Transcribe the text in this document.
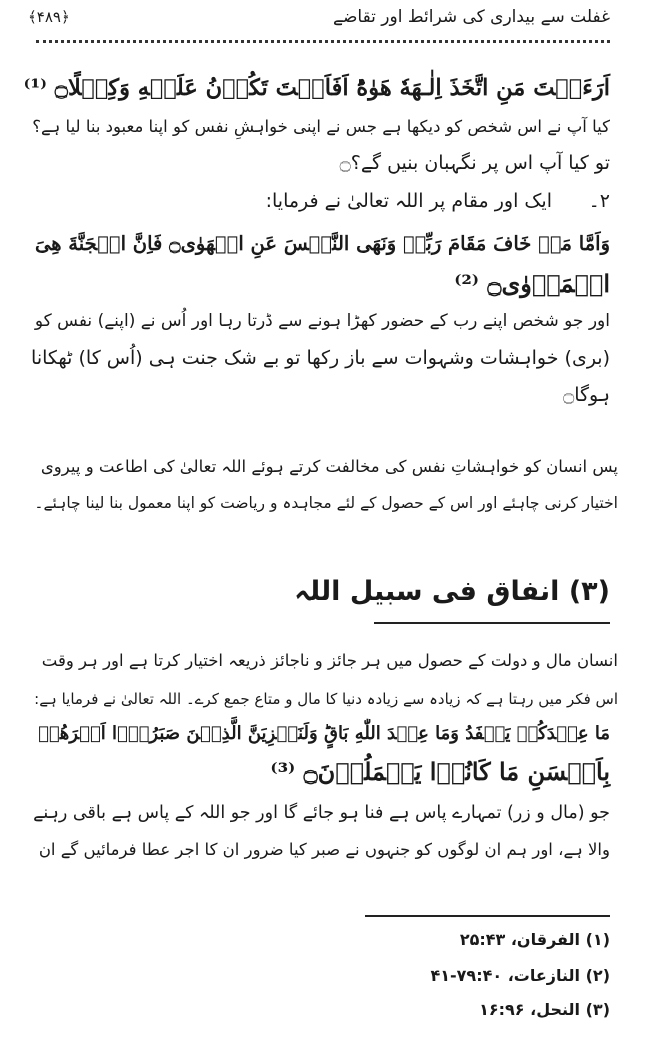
غفلت سے بیداری کی شرائط اور تقاضے
﴿۴۸۹﴾
اَرَءَیۡتَ مَنِ اتَّخَذَ اِلٰـهَهٗ هَوٰهُؕ اَفَاَنۡتَ تَكُوۡنُ عَلَيۡهِ وَكِيۡلًا۝ ⁽¹⁾
کیا آپ نے اس شخص کو دیکھا ہے جس نے اپنی خواہشِ نفس کو اپنا معبود بنا لیا ہے؟
تو کیا آپ اس پر نگہبان بنیں گے؟۝
۲۔ایک اور مقام پر اللہ تعالیٰ نے فرمایا:
وَاَمَّا مَنۡ خَافَ مَقَامَ رَبِّهٖ وَنَهَى النَّفۡسَ عَنِ الۡهَوٰى۝ فَاِنَّ الۡجَنَّةَ هِىَ
الۡمَاۡوٰى۝ ⁽²⁾
اور جو شخص اپنے رب کے حضور کھڑا ہونے سے ڈرتا رہا اور اُس نے (اپنے) نفس کو
(بری) خواہشات وشہوات سے باز رکھا تو بے شک جنت ہی (اُس کا) ٹھکانا
ہوگا۝
پس انسان کو خواہشاتِ نفس کی مخالفت کرتے ہوئے اللہ تعالیٰ کی اطاعت و پیروی
اختیار کرنی چاہئے اور اس کے حصول کے لئے مجاہدہ و ریاضت کو اپنا معمول بنا لینا چاہئے۔
(۳) انفاق فی سبیل اللہ
انسان مال و دولت کے حصول میں ہر جائز و ناجائز ذریعہ اختیار کرتا ہے اور ہر وقت
اس فکر میں رہتا ہے کہ زیادہ سے زیادہ دنیا کا مال و متاع جمع کرے۔ اللہ تعالیٰ نے فرمایا ہے:
مَا عِنۡدَكُمۡ يَنۡفَدُ وَمَا عِنۡدَ اللّٰهِ بَاقٍؕ وَلَنَجۡزِيَنَّ الَّذِيۡنَ صَبَرُوۡۤا اَجۡرَهُمۡ
بِاَحۡسَنِ مَا كَانُوۡا يَعۡمَلُوۡنَ۝ ⁽³⁾
جو (مال و زر) تمہارے پاس ہے فنا ہو جائے گا اور جو اللہ کے پاس ہے باقی رہنے
والا ہے، اور ہم ان لوگوں کو جنہوں نے صبر کیا ضرور ان کا اجر عطا فرمائیں گے ان
(۱) الفرقان، ۲۵:۴۳
(۲) النازعات، ۷۹:۴۰-۴۱
(۳) النحل، ۱۶:۹۶
